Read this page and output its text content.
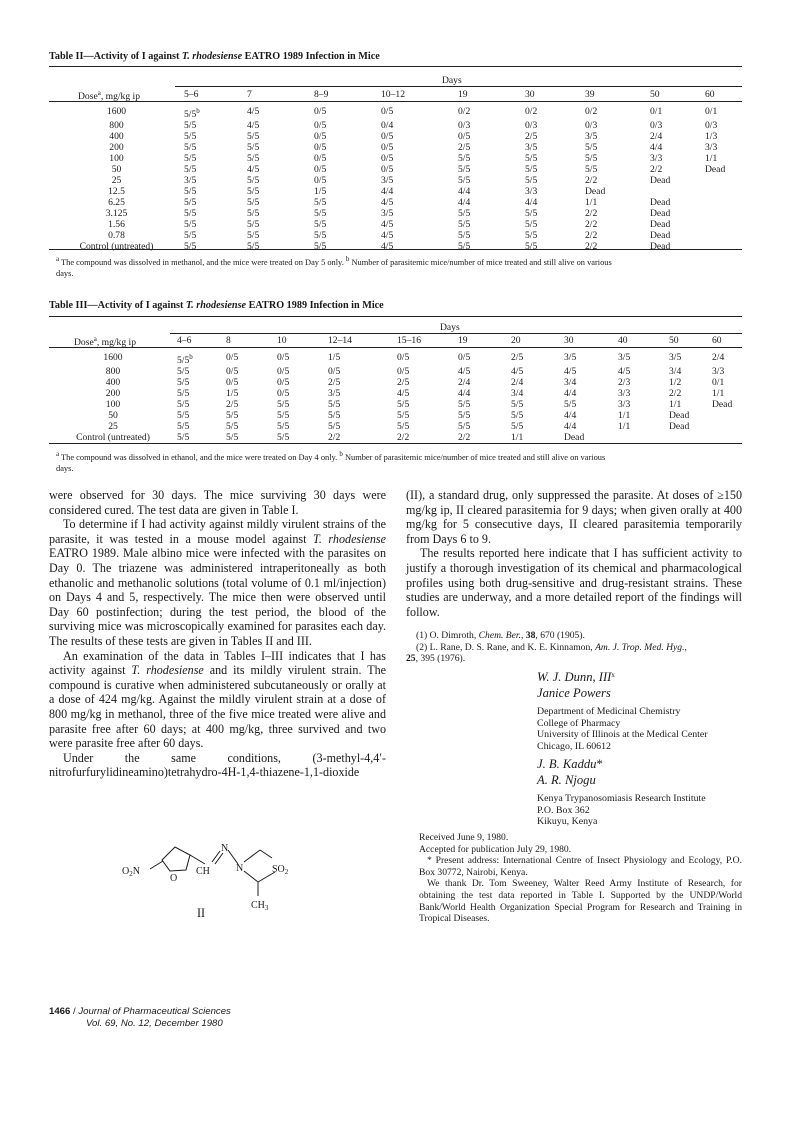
Table II—Activity of I against T. rhodesiense EATRO 1989 Infection in Mice
Days
Dose$^a$, mg/kg ip	5–6	7	8–9	10–12	19	30	39	50	60
1600	5/5$^b$	4/5	0/5	0/5	0/2	0/2	0/2	0/1	0/1
800	5/5	4/5	0/5	0/4	0/3	0/3	0/3	0/3	0/3
400	5/5	5/5	0/5	0/5	0/5	2/5	3/5	2/4	1/3
200	5/5	5/5	0/5	0/5	2/5	3/5	5/5	4/4	3/3
100	5/5	5/5	0/5	0/5	5/5	5/5	5/5	3/3	1/1
50	5/5	4/5	0/5	0/5	5/5	5/5	5/5	2/2	Dead
25	3/5	5/5	0/5	3/5	5/5	5/5	2/2	Dead	
12.5	5/5	5/5	1/5	4/4	4/4	3/3	Dead		
6.25	5/5	5/5	5/5	4/5	4/4	4/4	1/1	Dead	
3.125	5/5	5/5	5/5	3/5	5/5	5/5	2/2	Dead	
1.56	5/5	5/5	5/5	4/5	5/5	5/5	2/2	Dead	
0.78	5/5	5/5	5/5	4/5	5/5	5/5	2/2	Dead	
Control (untreated)	5/5	5/5	5/5	4/5	5/5	5/5	2/2	Dead	
$^a$ The compound was dissolved in methanol, and the mice were treated on Day 5 only. $^b$ Number of parasitemic mice/number of mice treated and still alive on various
days.
Table III—Activity of I against T. rhodesiense EATRO 1989 Infection in Mice
Days
Dose$^a$, mg/kg ip	4–6	8	10	12–14	15–16	19	20	30	40	50	60
1600	5/5$^b$	0/5	0/5	1/5	0/5	0/5	2/5	3/5	3/5	3/5	2/4
800	5/5	0/5	0/5	0/5	0/5	4/5	4/5	4/5	4/5	3/4	3/3
400	5/5	0/5	0/5	2/5	2/5	2/4	2/4	3/4	2/3	1/2	0/1
200	5/5	1/5	0/5	3/5	4/5	4/4	3/4	4/4	3/3	2/2	1/1
100	5/5	2/5	5/5	5/5	5/5	5/5	5/5	5/5	3/3	1/1	Dead
50	5/5	5/5	5/5	5/5	5/5	5/5	5/5	4/4	1/1	Dead	
25	5/5	5/5	5/5	5/5	5/5	5/5	5/5	4/4	1/1	Dead	
Control (untreated)	5/5	5/5	5/5	2/2	2/2	2/2	1/1	Dead			
$^a$ The compound was dissolved in ethanol, and the mice were treated on Day 4 only. $^b$ Number of parasitemic mice/number of mice treated and still alive on various
days.

were observed for 30 days. The mice surviving 30 days were considered cured. The test data are given in Table I.

To determine if I had activity against mildly virulent strains of the parasite, it was tested in a mouse model against T. rhodesiense EATRO 1989. Male albino mice were infected with the parasites on Day 0. The triazene was administered intraperitoneally as both ethanolic and methanolic solutions (total volume of 0.1 ml/injection) on Days 4 and 5, respectively. The mice then were observed until Day 60 postinfection; during the test period, the blood of the surviving mice was microscopically examined for parasites each day. The results of these tests are given in Tables II and III.

An examination of the data in Tables I–III indicates that I has activity against T. rhodesiense and its mildly virulent strain. The compound is curative when administered subcutaneously or orally at a dose of 424 mg/kg. Against the mildly virulent strain at a dose of 800 mg/kg in methanol, three of the five mice treated were alive and parasite free after 60 days; at 400 mg/kg, three survived and two were parasite free after 60 days.

Under the same conditions, (3-methyl-4,4′-nitrofurfurylidineamino)tetrahydro-4H-1,4-thiazene-1,1-dioxide

$O_2N$
O
CH
N
N	$SO_2$
$CH_3$
II

(II), a standard drug, only suppressed the parasite. At doses of ≥150 mg/kg ip, II cleared parasitemia for 9 days; when given orally at 400 mg/kg for 5 consecutive days, II cleared parasitemia temporarily from Days 6 to 9.

The results reported here indicate that I has sufficient activity to justify a thorough investigation of its chemical and pharmacological profiles using both drug-sensitive and drug-resistant strains. These studies are underway, and a more detailed report of the findings will follow.

(1) O. Dimroth, Chem. Ber., 38, 670 (1905).
(2) L. Rane, D. S. Rane, and K. E. Kinnamon, Am. J. Trop. Med. Hyg.,
25, 395 (1976).
W. J. Dunn, III$^x$
Janice Powers
Department of Medicinal Chemistry
College of Pharmacy
University of Illinois at the Medical Center
Chicago, IL 60612
J. B. Kaddu*
A. R. Njogu
Kenya Trypanosomiasis Research Institute
P.O. Box 362
Kikuyu, Kenya
Received June 9, 1980.
Accepted for publication July 29, 1980.
* Present address: International Centre of Insect Physiology and Ecology, P.O. Box 30772, Nairobi, Kenya.
We thank Dr. Tom Sweeney, Walter Reed Army Institute of Research, for obtaining the test data reported in Table I. Supported by the UNDP/World Bank/World Health Organization Special Program for Research and Training in Tropical Diseases.
1466 / Journal of Pharmaceutical Sciences
Vol. 69, No. 12, December 1980
